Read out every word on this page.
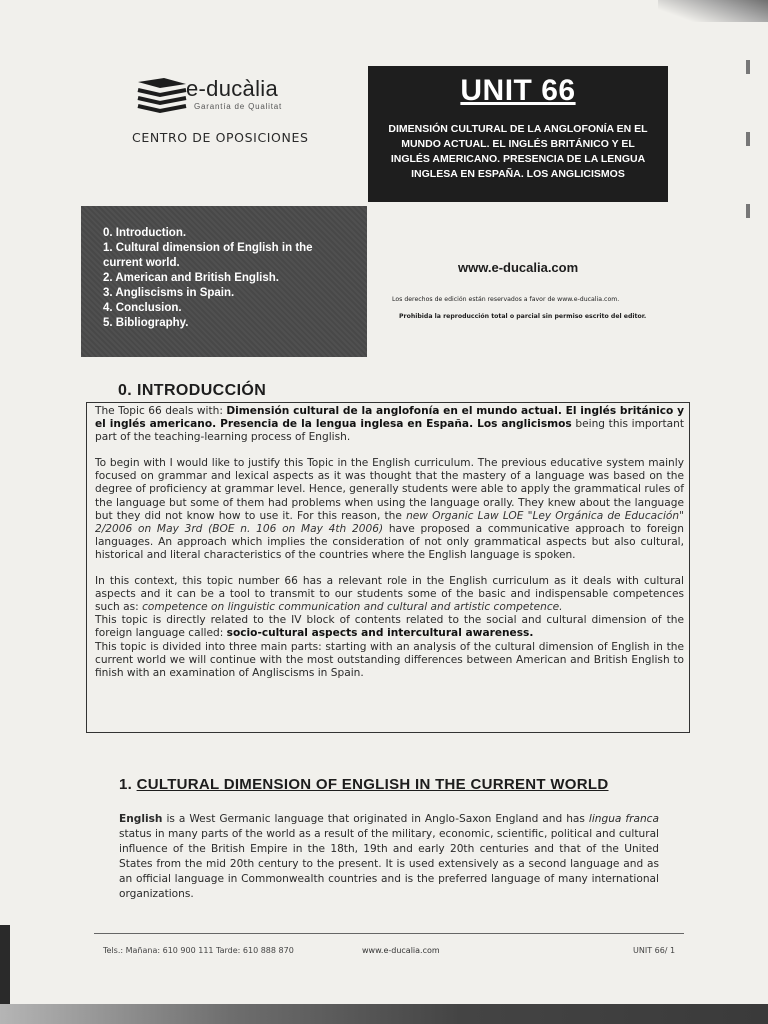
e-ducàlia
Garantía de Qualitat
CENTRO DE OPOSICIONES
UNIT 66
DIMENSIÓN CULTURAL DE LA ANGLOFONÍA EN EL MUNDO ACTUAL. EL INGLÉS BRITÁNICO Y EL INGLÉS AMERICANO. PRESENCIA DE LA LENGUA INGLESA EN ESPAÑA. LOS ANGLICISMOS
0. Introduction.
1. Cultural dimension of English in the current world.
2. American and British English.
3. Angliscisms in Spain.
4. Conclusion.
5. Bibliography.
www.e-ducalia.com
Los derechos de edición están reservados a favor de www.e-ducalia.com.
Prohibida la reproducción total o parcial sin permiso escrito del editor.
0. INTRODUCCIÓN

The Topic 66 deals with: Dimensión cultural de la anglofonía en el mundo actual. El inglés británico y el inglés americano. Presencia de la lengua inglesa en España. Los anglicismos being this important part of the teaching-learning process of English.

To begin with I would like to justify this Topic in the English curriculum. The previous educative system mainly focused on grammar and lexical aspects as it was thought that the mastery of a language was based on the degree of proficiency at grammar level. Hence, generally students were able to apply the grammatical rules of the language but some of them had problems when using the language orally. They knew about the language but they did not know how to use it. For this reason, the new Organic Law LOE "Ley Orgánica de Educación" 2/2006 on May 3rd (BOE n. 106 on May 4th 2006) have proposed a communicative approach to foreign languages. An approach which implies the consideration of not only grammatical aspects but also cultural, historical and literal characteristics of the countries where the English language is spoken.

In this context, this topic number 66 has a relevant role in the English curriculum as it deals with cultural aspects and it can be a tool to transmit to our students some of the basic and indispensable competences such as: competence on linguistic communication and cultural and artistic competence.

This topic is directly related to the IV block of contents related to the social and cultural dimension of the foreign language called: socio-cultural aspects and intercultural awareness.

This topic is divided into three main parts: starting with an analysis of the cultural dimension of English in the current world we will continue with the most outstanding differences between American and British English to finish with an examination of Angliscisms in Spain.

1. CULTURAL DIMENSION OF ENGLISH IN THE CURRENT WORLD

English is a West Germanic language that originated in Anglo-Saxon England and has lingua franca status in many parts of the world as a result of the military, economic, scientific, political and cultural influence of the British Empire in the 18th, 19th and early 20th centuries and that of the United States from the mid 20th century to the present. It is used extensively as a second language and as an official language in Commonwealth countries and is the preferred language of many international organizations.

Tels.: Mañana: 610 900 111 Tarde: 610 888 870	www.e-ducalia.com	UNIT 66/ 1
